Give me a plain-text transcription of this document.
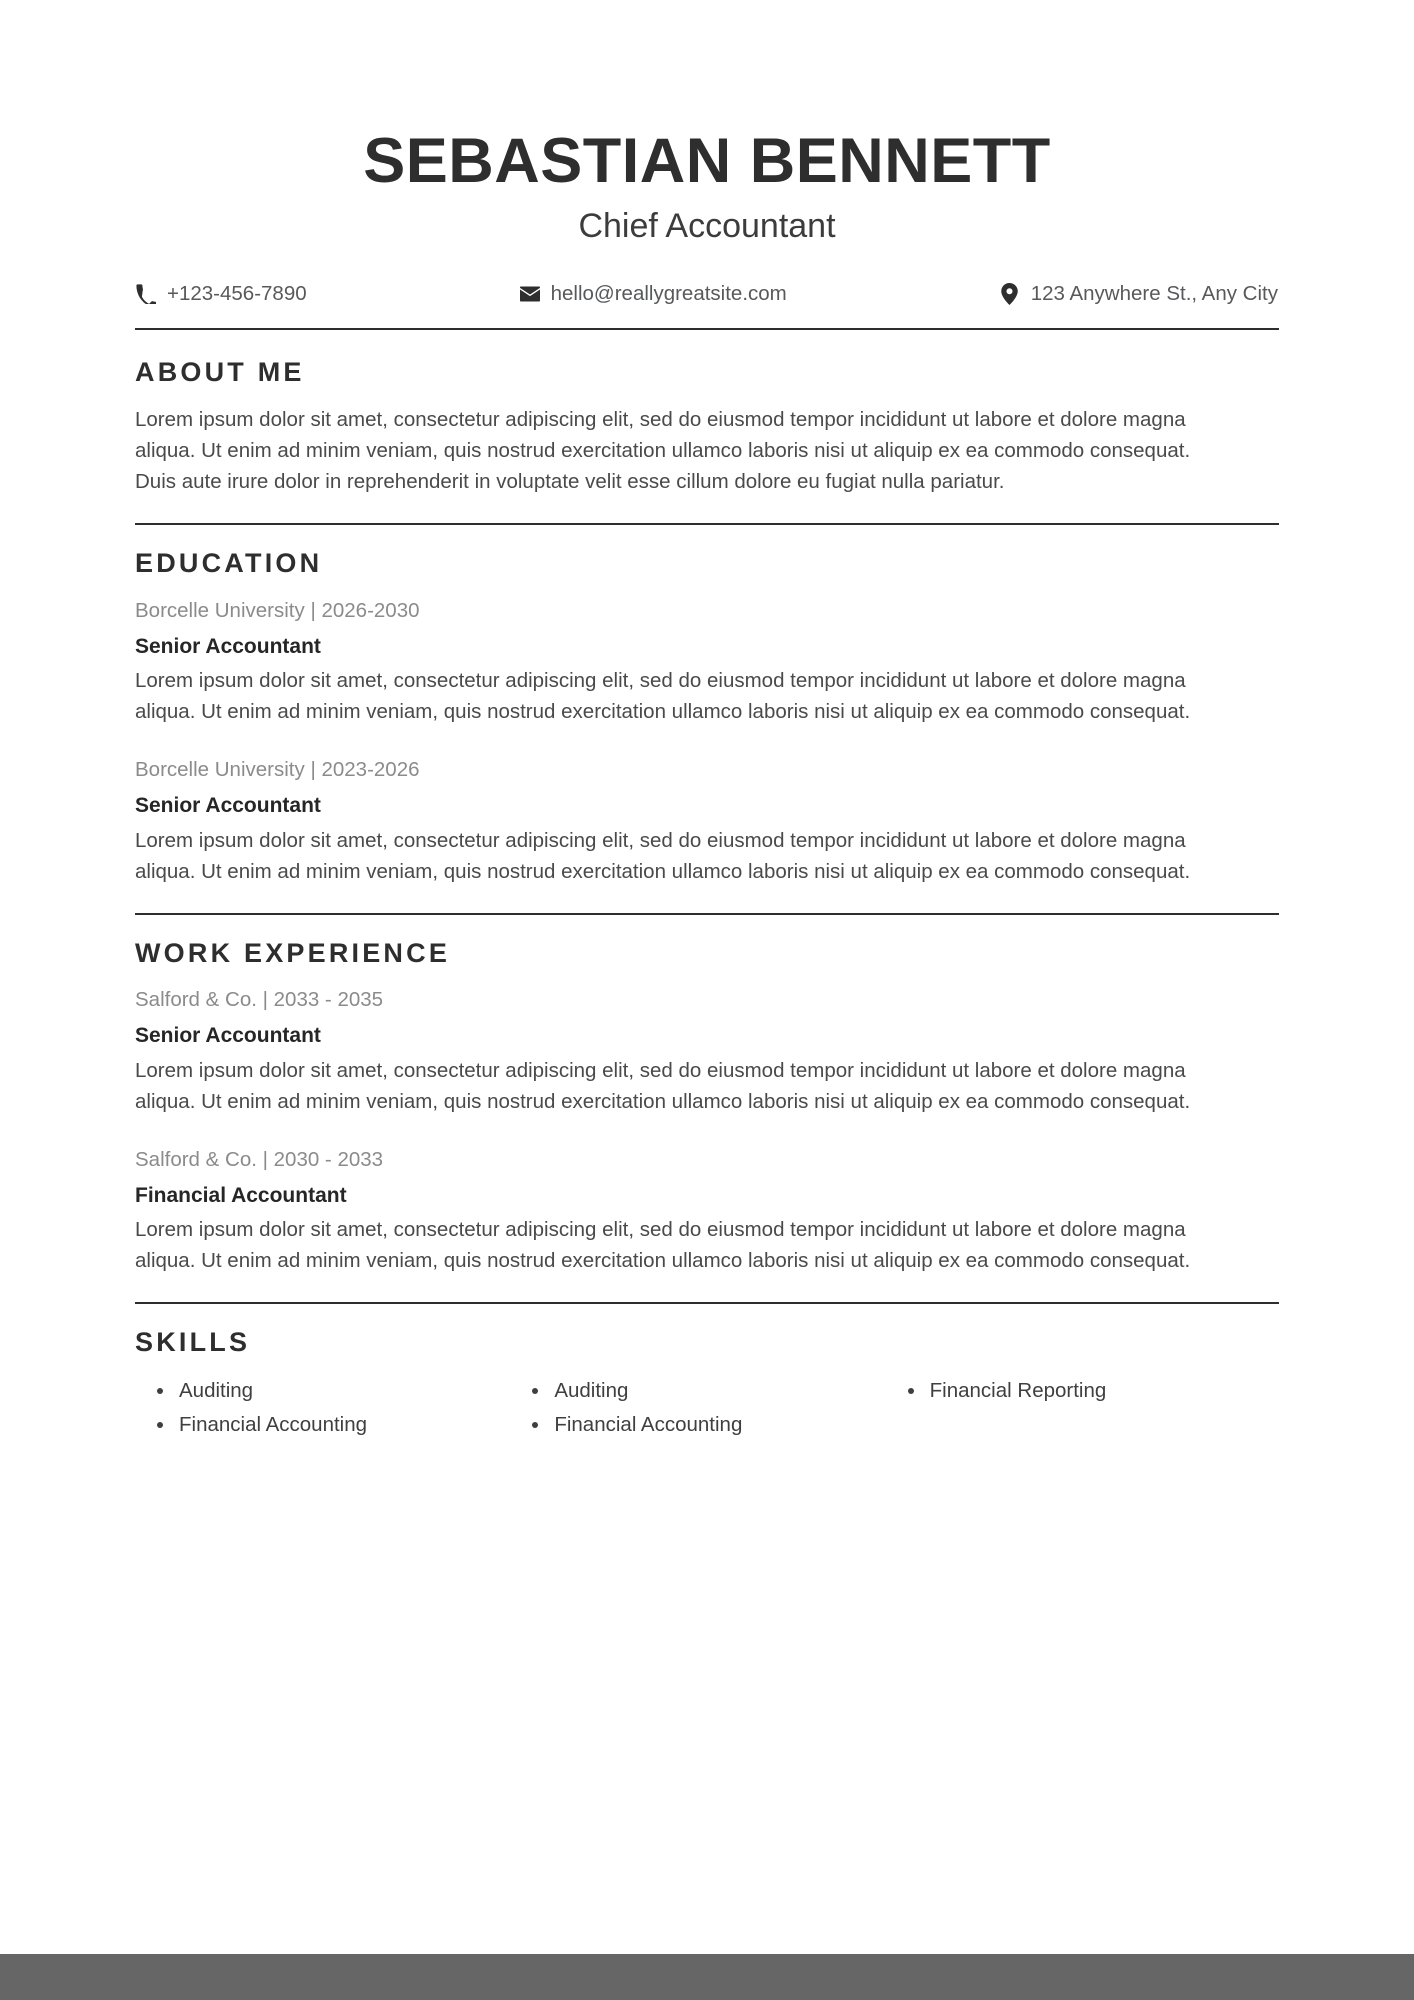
SEBASTIAN BENNETT
Chief Accountant
+123-456-7890	hello@reallygreatsite.com	123 Anywhere St., Any City
ABOUT ME

Lorem ipsum dolor sit amet, consectetur adipiscing elit, sed do eiusmod tempor incididunt ut labore et dolore magna aliqua. Ut enim ad minim veniam, quis nostrud exercitation ullamco laboris nisi ut aliquip ex ea commodo consequat. Duis aute irure dolor in reprehenderit in voluptate velit esse cillum dolore eu fugiat nulla pariatur.

EDUCATION

Borcelle University | 2026-2030

Senior Accountant

Lorem ipsum dolor sit amet, consectetur adipiscing elit, sed do eiusmod tempor incididunt ut labore et dolore magna aliqua. Ut enim ad minim veniam, quis nostrud exercitation ullamco laboris nisi ut aliquip ex ea commodo consequat.

Borcelle University | 2023-2026

Senior Accountant

Lorem ipsum dolor sit amet, consectetur adipiscing elit, sed do eiusmod tempor incididunt ut labore et dolore magna aliqua. Ut enim ad minim veniam, quis nostrud exercitation ullamco laboris nisi ut aliquip ex ea commodo consequat.

WORK EXPERIENCE

Salford & Co. | 2033 - 2035

Senior Accountant

Lorem ipsum dolor sit amet, consectetur adipiscing elit, sed do eiusmod tempor incididunt ut labore et dolore magna aliqua. Ut enim ad minim veniam, quis nostrud exercitation ullamco laboris nisi ut aliquip ex ea commodo consequat.

Salford & Co. | 2030 - 2033

Financial Accountant

Lorem ipsum dolor sit amet, consectetur adipiscing elit, sed do eiusmod tempor incididunt ut labore et dolore magna aliqua. Ut enim ad minim veniam, quis nostrud exercitation ullamco laboris nisi ut aliquip ex ea commodo consequat.

SKILLS
Auditing
Financial Accounting
Auditing
Financial Accounting
Financial Reporting
